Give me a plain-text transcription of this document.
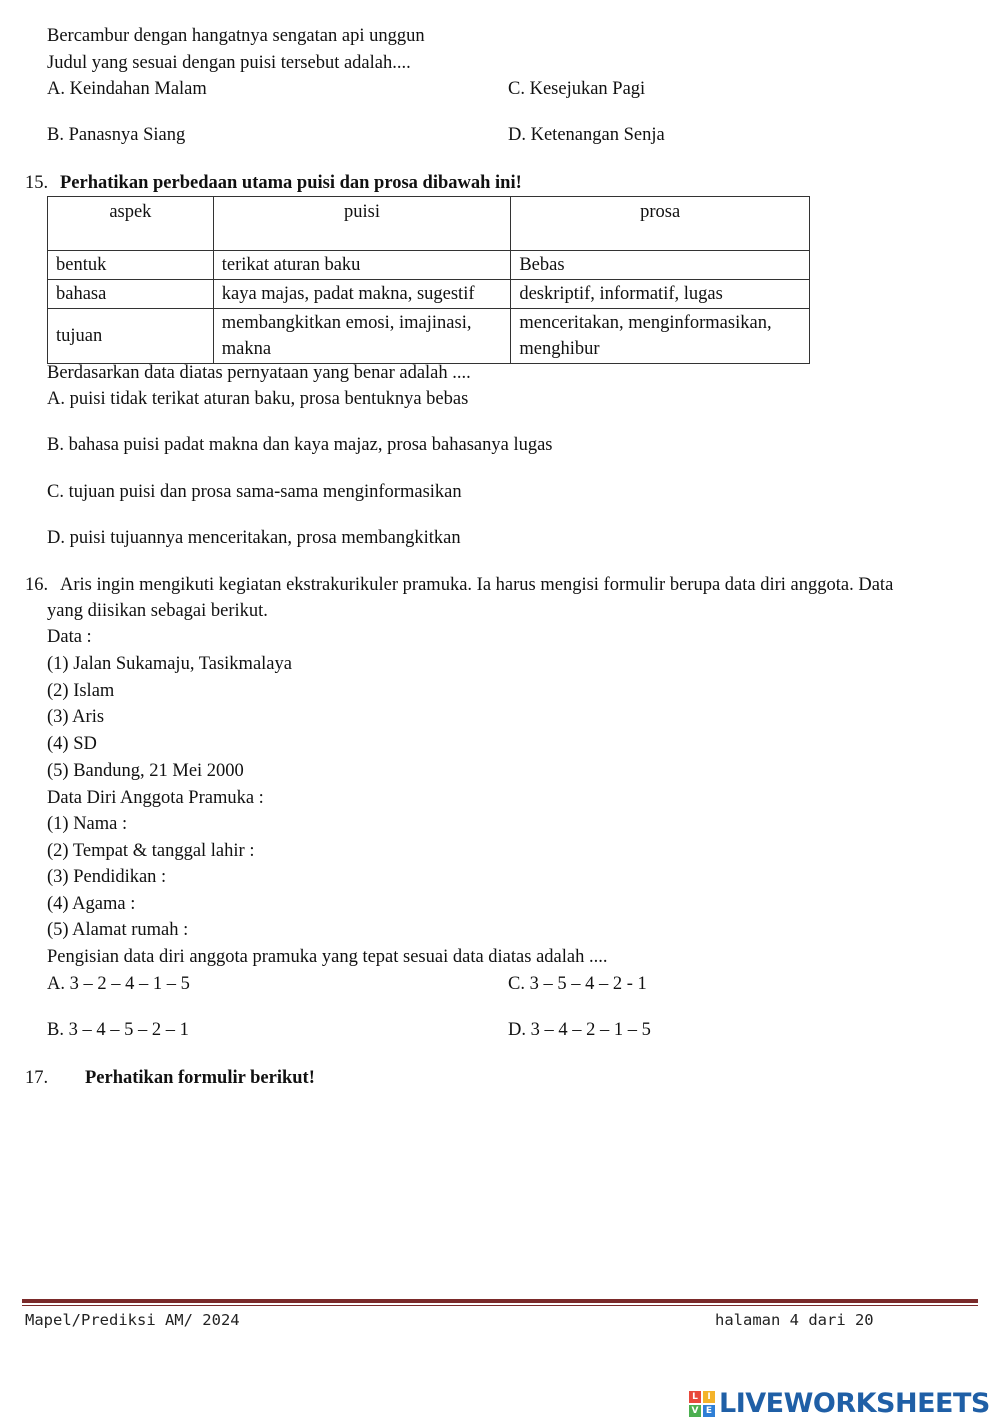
Bercambur dengan hangatnya sengatan api unggun
Judul yang sesuai dengan puisi tersebut adalah....
A. Keindahan Malam	C. Kesejukan Pagi
B. Panasnya Siang	D. Ketenangan Senja
15. Perhatikan perbedaan utama puisi dan prosa dibawah ini!
aspek	puisi	prosa
bentuk	terikat aturan baku	Bebas
bahasa	kaya majas, padat makna, sugestif	deskriptif, informatif, lugas
tujuan	membangkitkan emosi, imajinasi, makna	menceritakan, menginformasikan, menghibur
Berdasarkan data diatas pernyataan yang benar adalah ....
A. puisi tidak terikat aturan baku, prosa bentuknya bebas
B. bahasa puisi padat makna dan kaya majaz, prosa bahasanya lugas
C. tujuan puisi dan prosa sama-sama menginformasikan
D. puisi tujuannya menceritakan, prosa membangkitkan
16. Aris ingin mengikuti kegiatan ekstrakurikuler pramuka. Ia harus mengisi formulir berupa data diri anggota. Data
yang diisikan sebagai berikut.
Data :
(1) Jalan Sukamaju, Tasikmalaya
(2) Islam
(3) Aris
(4) SD
(5) Bandung, 21 Mei 2000
Data Diri Anggota Pramuka :
(1) Nama :
(2) Tempat & tanggal lahir :
(3) Pendidikan :
(4) Agama :
(5) Alamat rumah :
Pengisian data diri anggota pramuka yang tepat sesuai data diatas adalah ....
A. 3 – 2 – 4 – 1 – 5	C. 3 – 5 – 4 – 2 - 1
B. 3 – 4 – 5 – 2 – 1	D. 3 – 4 – 2 – 1 – 5
17. Perhatikan formulir berikut!
Mapel/Prediksi AM/ 2024	halaman 4 dari 20
L	I
V E LIVEWORKSHEETS
